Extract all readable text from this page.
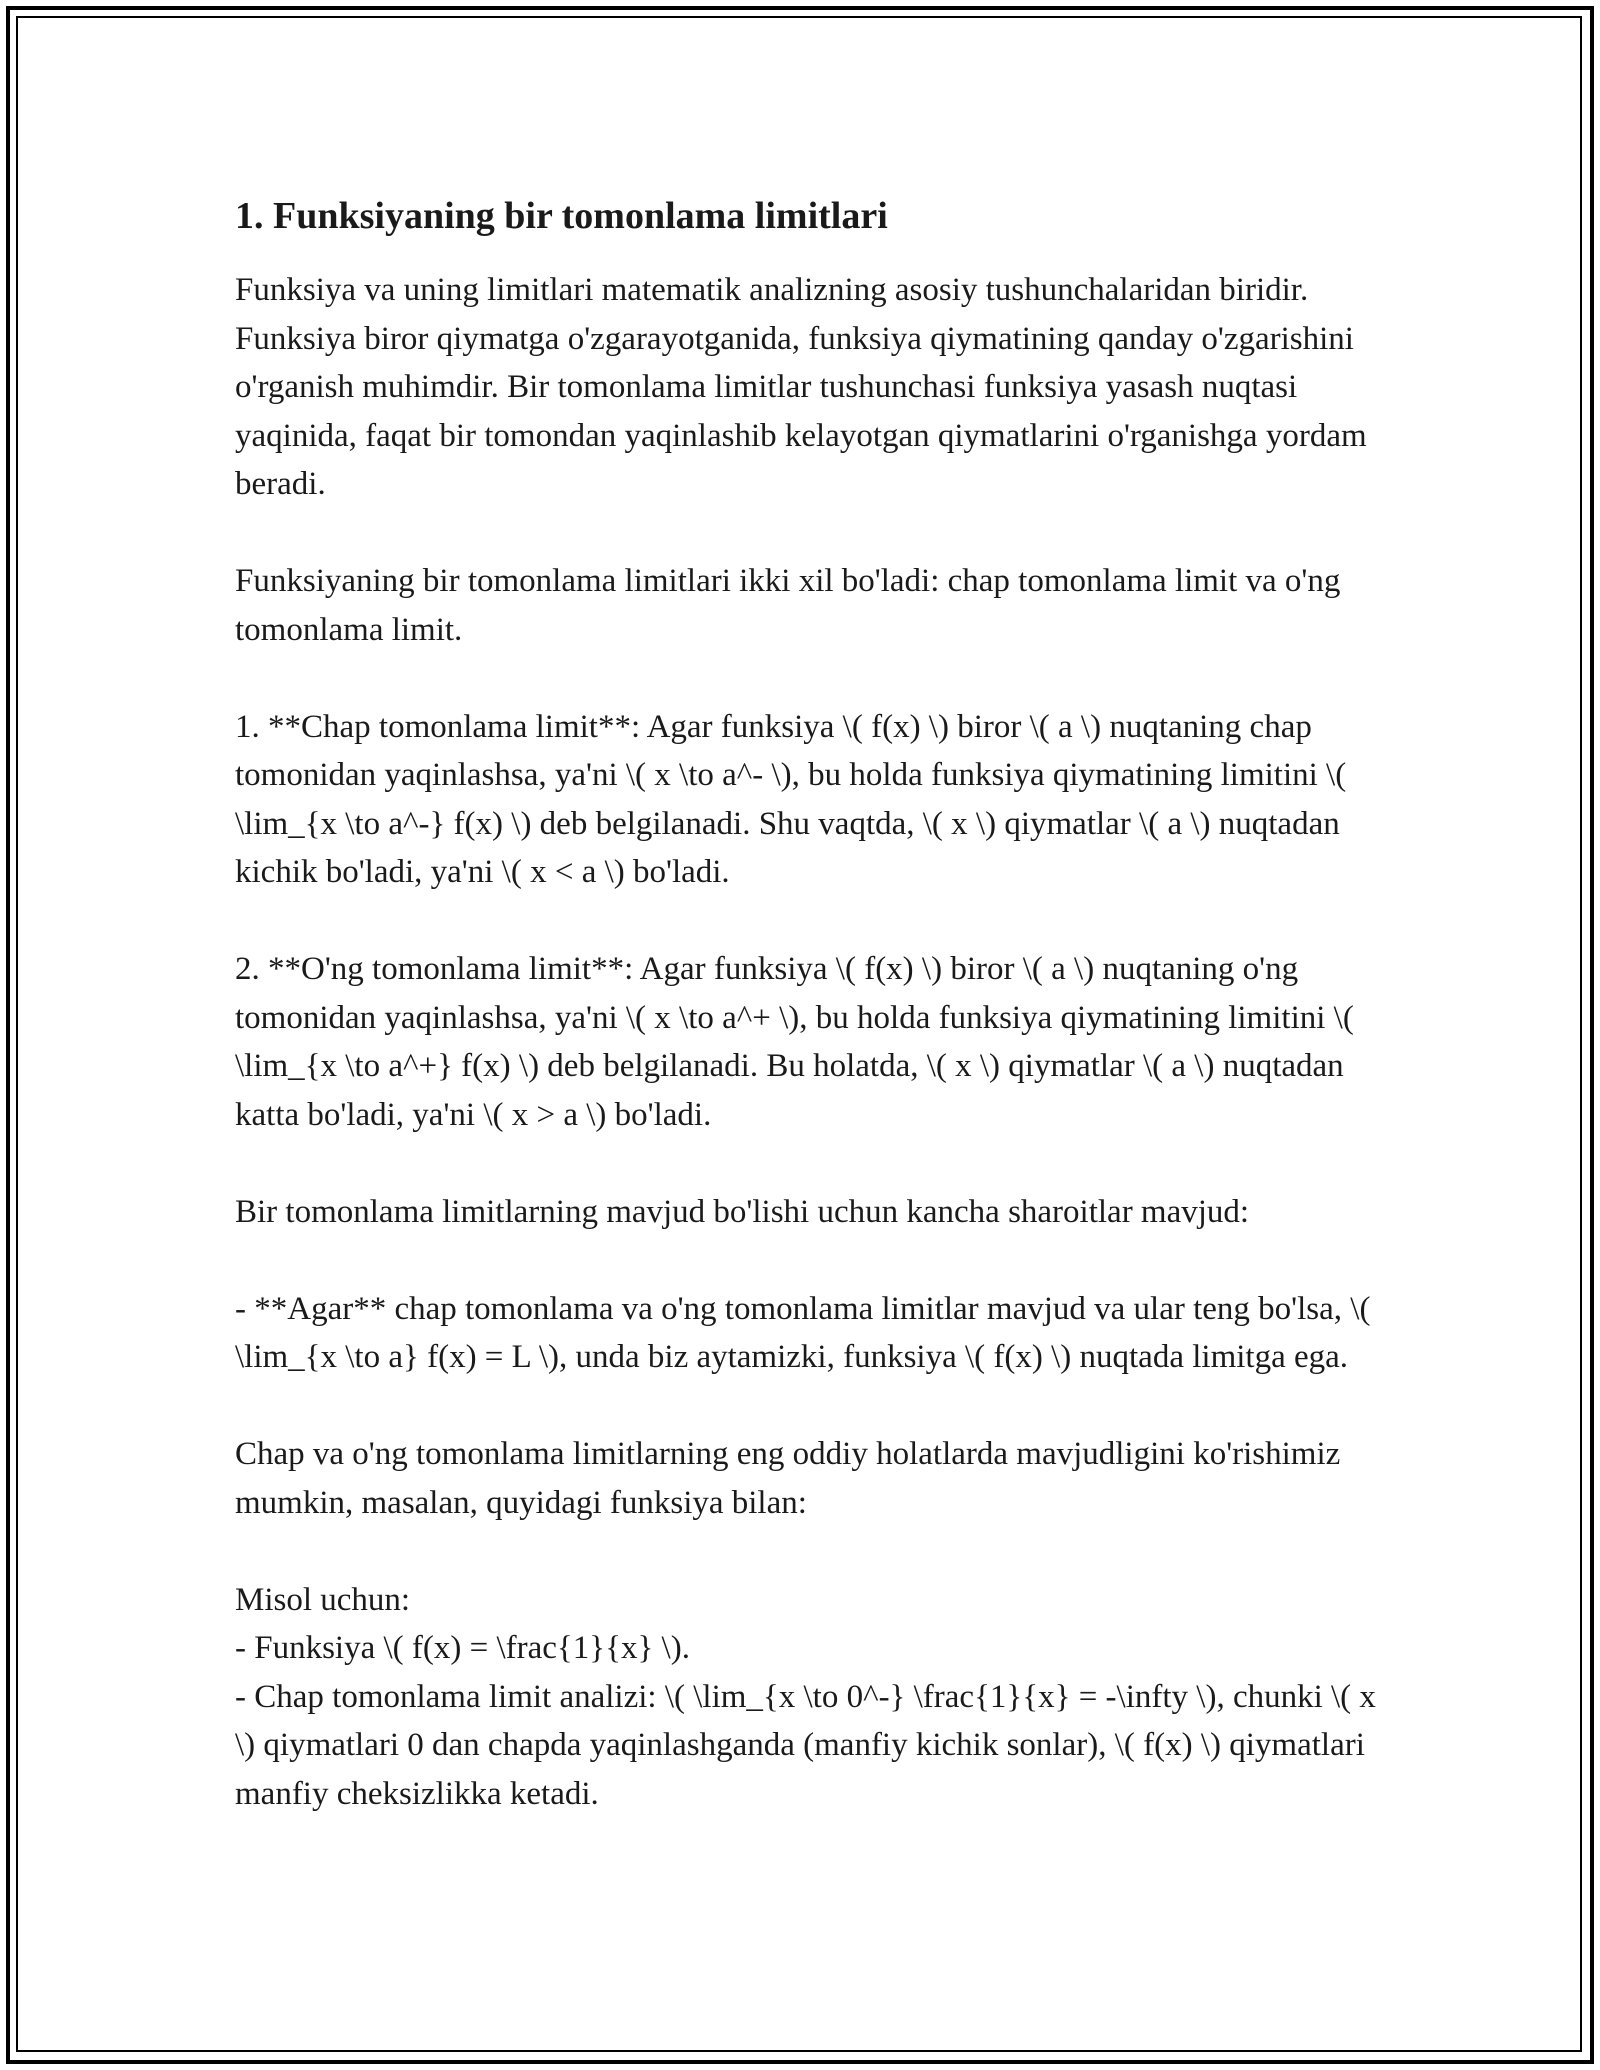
1. Funksiyaning bir tomonlama limitlari

Funksiya va uning limitlari matematik analizning asosiy tushunchalaridan biridir. Funksiya biror qiymatga o'zgarayotganida, funksiya qiymatining qanday o'zgarishini o'rganish muhimdir. Bir tomonlama limitlar tushunchasi funksiya yasash nuqtasi yaqinida, faqat bir tomondan yaqinlashib kelayotgan qiymatlarini o'rganishga yordam beradi.

Funksiyaning bir tomonlama limitlari ikki xil bo'ladi: chap tomonlama limit va o'ng tomonlama limit.

1. **Chap tomonlama limit**: Agar funksiya \( f(x) \) biror \( a \) nuqtaning chap tomonidan yaqinlashsa, ya'ni \( x \to a^- \), bu holda funksiya qiymatining limitini \( \lim_{x \to a^-} f(x) \) deb belgilanadi. Shu vaqtda, \( x \) qiymatlar \( a \) nuqtadan kichik bo'ladi, ya'ni \( x < a \) bo'ladi.

2. **O'ng tomonlama limit**: Agar funksiya \( f(x) \) biror \( a \) nuqtaning o'ng tomonidan yaqinlashsa, ya'ni \( x \to a^+ \), bu holda funksiya qiymatining limitini \( \lim_{x \to a^+} f(x) \) deb belgilanadi. Bu holatda, \( x \) qiymatlar \( a \) nuqtadan katta bo'ladi, ya'ni \( x > a \) bo'ladi.

Bir tomonlama limitlarning mavjud bo'lishi uchun kancha sharoitlar mavjud:

- **Agar** chap tomonlama va o'ng tomonlama limitlar mavjud va ular teng bo'lsa, \( \lim_{x \to a} f(x) = L \), unda biz aytamizki, funksiya \( f(x) \) nuqtada limitga ega.

Chap va o'ng tomonlama limitlarning eng oddiy holatlarda mavjudligini ko'rishimiz mumkin, masalan, quyidagi funksiya bilan:

Misol uchun:
- Funksiya \( f(x) = \frac{1}{x} \).
- Chap tomonlama limit analizi: \( \lim_{x \to 0^-} \frac{1}{x} = -\infty \), chunki \( x \) qiymatlari 0 dan chapda yaqinlashganda (manfiy kichik sonlar), \( f(x) \) qiymatlari manfiy cheksizlikka ketadi.
